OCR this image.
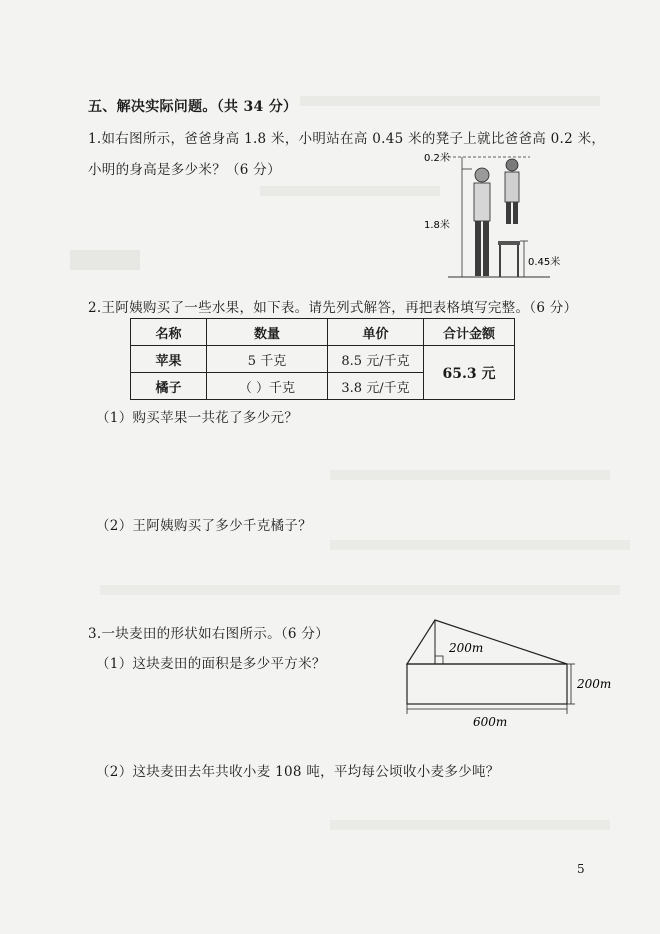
五、解决实际问题。（共 34 分）
1.如右图所示，爸爸身高 1.8 米，小明站在高 0.45 米的凳子上就比爸爸高 0.2 米，
小明的身高是多少米？（6 分）
0.2米
1.8米
0.45米
2.王阿姨购买了一些水果，如下表。请先列式解答，再把表格填写完整。（6 分）
名称	数量	单价	合计金额
苹果	5 千克	8.5 元/千克	65.3 元
橘子	（ ）千克	3.8 元/千克	
（1）购买苹果一共花了多少元？
（2）王阿姨购买了多少千克橘子？
3.一块麦田的形状如右图所示。（6 分）
（1）这块麦田的面积是多少平方米？
200m
200m
600m
（2）这块麦田去年共收小麦 108 吨，平均每公顷收小麦多少吨？
5
